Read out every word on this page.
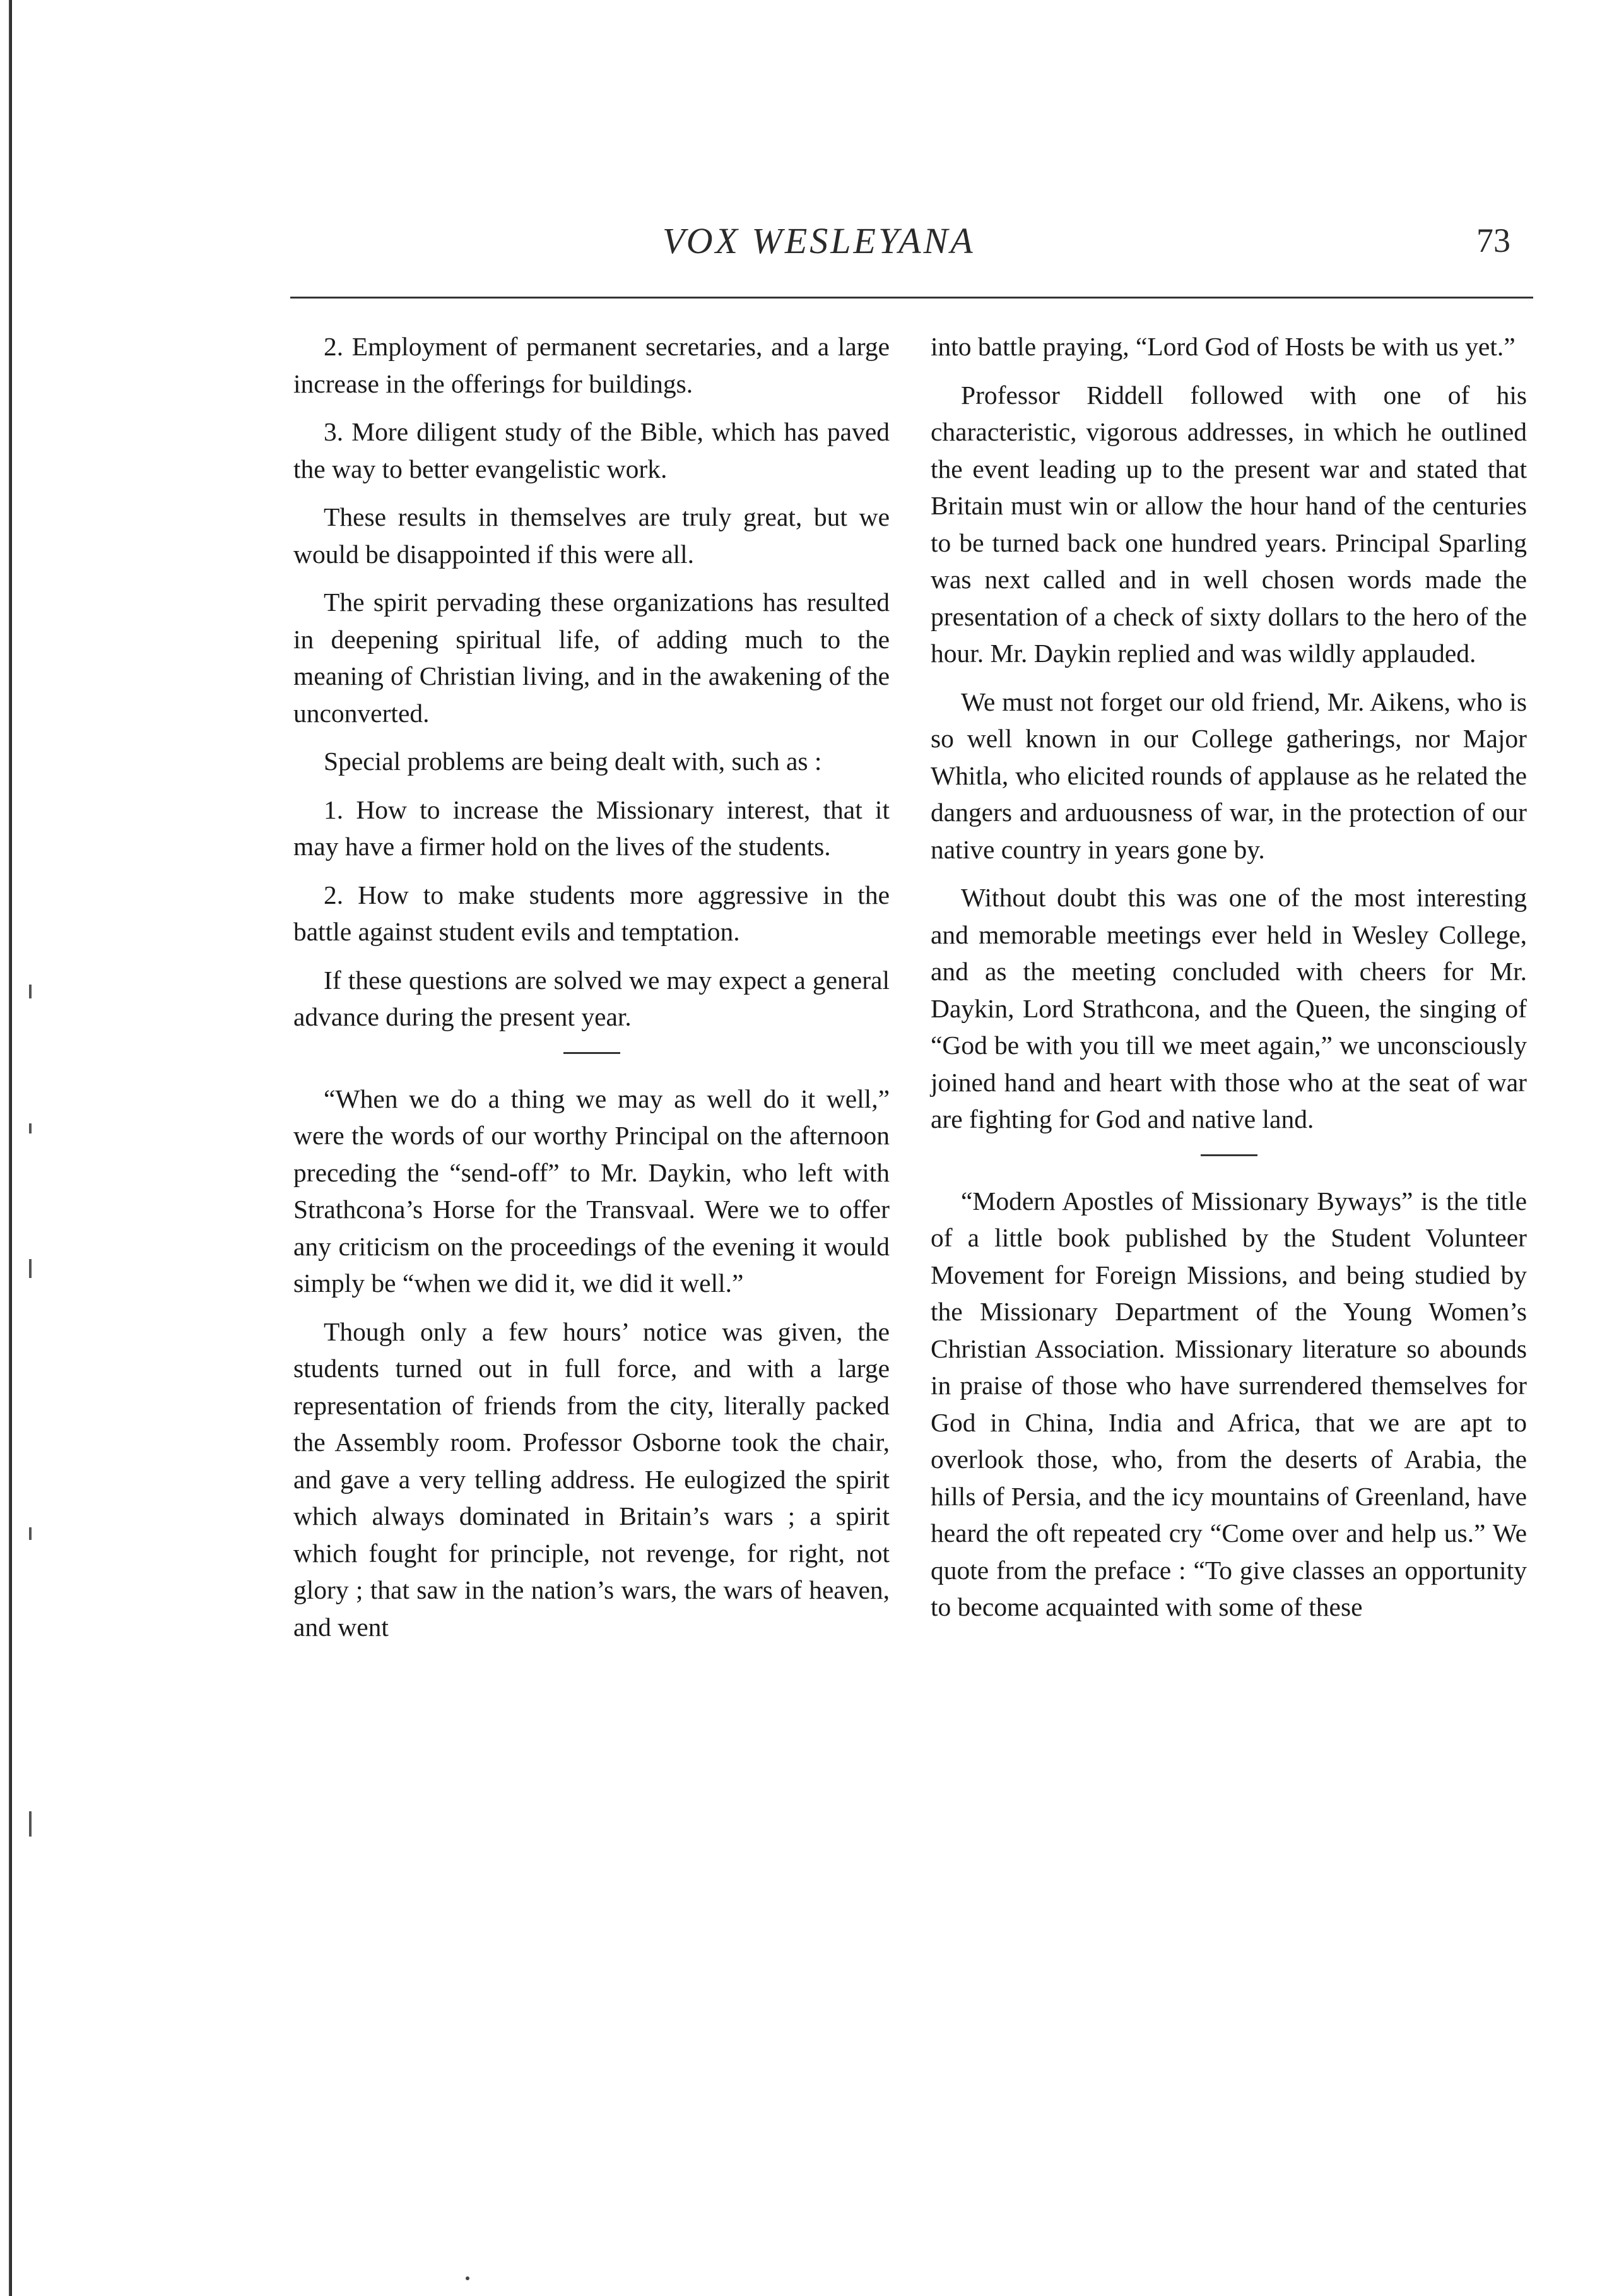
VOX WESLEYANA	73

2. Employment of permanent secretaries, and a large increase in the offerings for buildings.

3. More diligent study of the Bible, which has paved the way to better evangelistic work.

These results in themselves are truly great, but we would be disappointed if this were all.

The spirit pervading these organizations has resulted in deepening spiritual life, of adding much to the meaning of Christian living, and in the awakening of the unconverted.

Special problems are being dealt with, such as :

1. How to increase the Missionary interest, that it may have a firmer hold on the lives of the students.

2. How to make students more aggressive in the battle against student evils and temptation.

If these questions are solved we may expect a general advance during the present year.

“When we do a thing we may as well do it well,” were the words of our worthy Principal on the afternoon preceding the “send-off” to Mr. Daykin, who left with Strathcona’s Horse for the Transvaal. Were we to offer any criticism on the proceedings of the evening it would simply be “when we did it, we did it well.”

Though only a few hours’ notice was given, the students turned out in full force, and with a large representation of friends from the city, literally packed the Assembly room. Professor Osborne took the chair, and gave a very telling address. He eulogized the spirit which always dominated in Britain’s wars ; a spirit which fought for principle, not revenge, for right, not glory ; that saw in the nation’s wars, the wars of heaven, and went

into battle praying, “Lord God of Hosts be with us yet.”

Professor Riddell followed with one of his characteristic, vigorous addresses, in which he outlined the event leading up to the present war and stated that Britain must win or allow the hour hand of the centuries to be turned back one hundred years. Principal Sparling was next called and in well chosen words made the presentation of a check of sixty dollars to the hero of the hour. Mr. Daykin replied and was wildly applauded.

We must not forget our old friend, Mr. Aikens, who is so well known in our College gatherings, nor Major Whitla, who elicited rounds of applause as he related the dangers and arduousness of war, in the protection of our native country in years gone by.

Without doubt this was one of the most interesting and memorable meetings ever held in Wesley College, and as the meeting concluded with cheers for Mr. Daykin, Lord Strathcona, and the Queen, the singing of “God be with you till we meet again,” we unconsciously joined hand and heart with those who at the seat of war are fighting for God and native land.

“Modern Apostles of Missionary Byways” is the title of a little book published by the Student Volunteer Movement for Foreign Missions, and being studied by the Missionary Department of the Young Women’s Christian Association. Missionary literature so abounds in praise of those who have surrendered themselves for God in China, India and Africa, that we are apt to overlook those, who, from the deserts of Arabia, the hills of Persia, and the icy mountains of Greenland, have heard the oft repeated cry “Come over and help us.” We quote from the preface : “To give classes an opportunity to become acquainted with some of these
